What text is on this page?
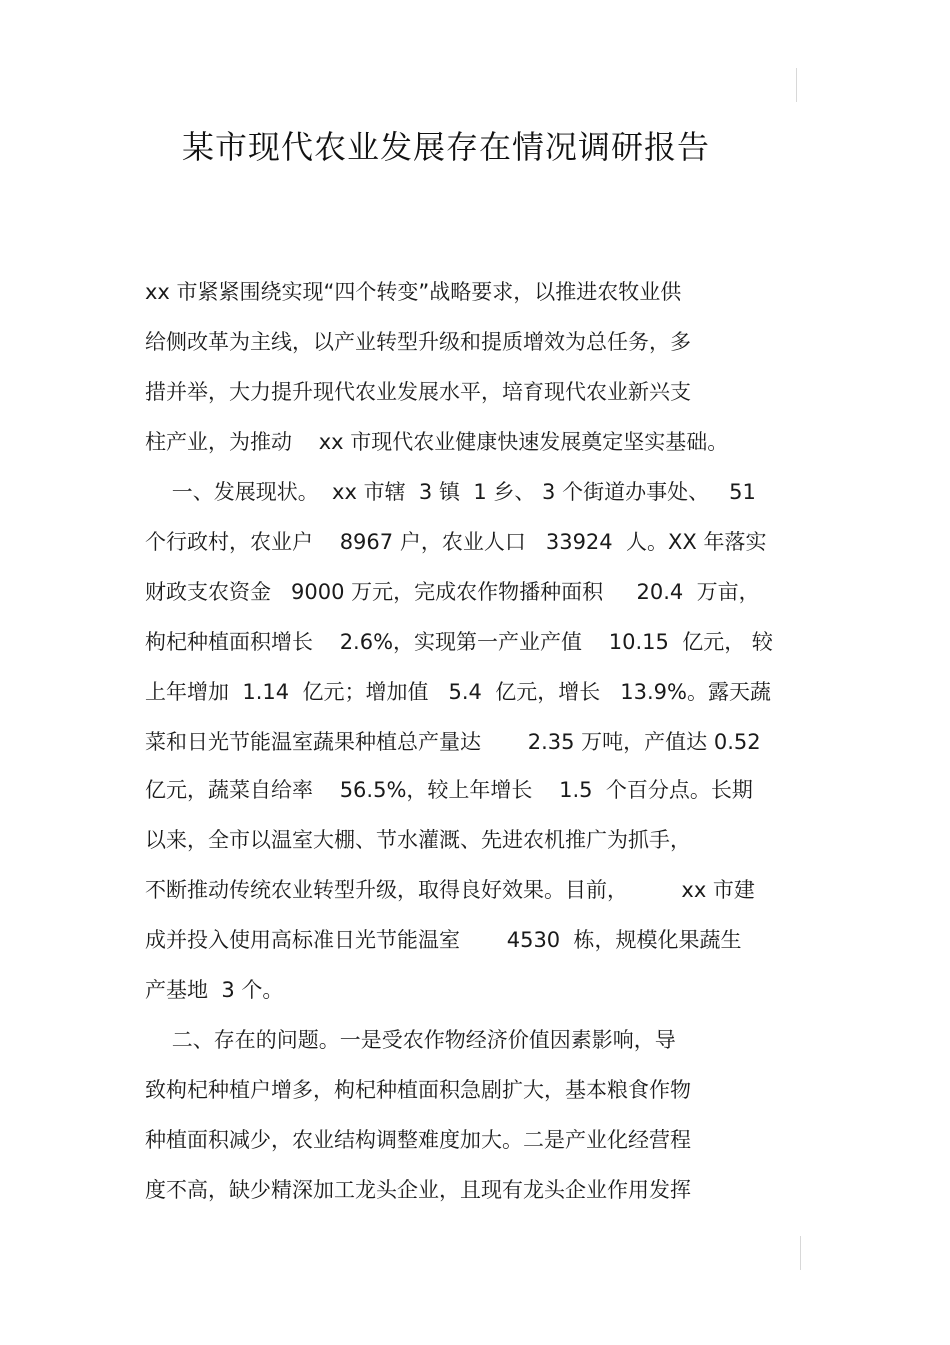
某市现代农业发展存在情况调研报告
xx 市紧紧围绕实现“四个转变”战略要求，以推进农牧业供
给侧改革为主线，以产业转型升级和提质增效为总任务，多
措并举，大力提升现代农业发展水平，培育现代农业新兴支
柱产业，为推动    xx 市现代农业健康快速发展奠定坚实基础。
一、发展现状。  xx 市辖  3 镇  1 乡、 3 个街道办事处、   51
个行政村，农业户    8967 户，农业人口   33924  人。XX 年落实
财政支农资金   9000 万元，完成农作物播种面积     20.4  万亩，
枸杞种植面积增长    2.6%，实现第一产业产值    10.15  亿元， 较
上年增加  1.14  亿元；增加值   5.4  亿元，增长   13.9%。露天蔬
菜和日光节能温室蔬果种植总产量达       2.35 万吨，产值达 0.52
亿元，蔬菜自给率    56.5%，较上年增长    1.5  个百分点。长期
以来，全市以温室大棚、节水灌溉、先进农机推广为抓手，
不断推动传统农业转型升级，取得良好效果。目前，        xx 市建
成并投入使用高标准日光节能温室       4530  栋，规模化果蔬生
产基地  3 个。
二、存在的问题。一是受农作物经济价值因素影响，导
致枸杞种植户增多，枸杞种植面积急剧扩大，基本粮食作物
种植面积减少，农业结构调整难度加大。二是产业化经营程
度不高，缺少精深加工龙头企业，且现有龙头企业作用发挥
